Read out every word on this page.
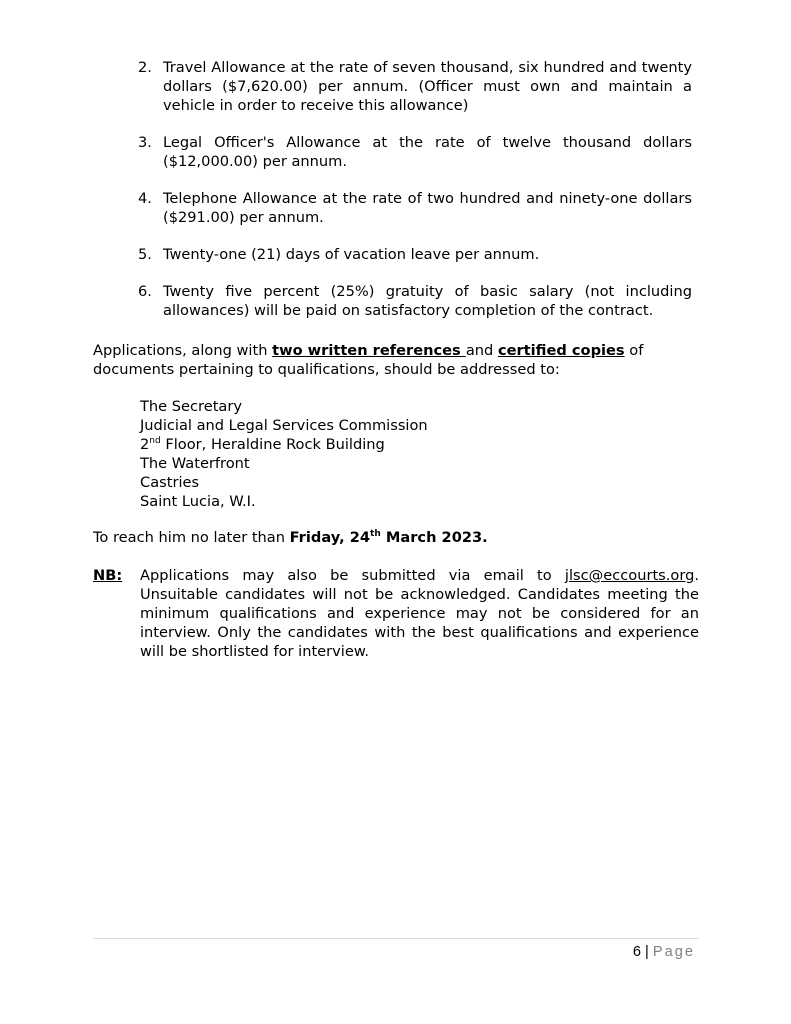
2. Travel Allowance at the rate of seven thousand, six hundred and twenty dollars ($7,620.00) per annum. (Officer must own and maintain a vehicle in order to receive this allowance)
3. Legal Officer's Allowance at the rate of twelve thousand dollars ($12,000.00) per annum.
4. Telephone Allowance at the rate of two hundred and ninety-one dollars ($291.00) per annum.
5. Twenty-one (21) days of vacation leave per annum.
6. Twenty five percent (25%) gratuity of basic salary (not including allowances) will be paid on satisfactory completion of the contract.

Applications, along with two written references and certified copies of documents pertaining to qualifications, should be addressed to:

The Secretary
Judicial and Legal Services Commission
2nd Floor, Heraldine Rock Building
The Waterfront
Castries
Saint Lucia, W.I.
To reach him no later than Friday, 24th March 2023.
NB: Applications may also be submitted via email to jlsc@eccourts.org. Unsuitable candidates will not be acknowledged. Candidates meeting the minimum qualifications and experience may not be considered for an interview. Only the candidates with the best qualifications and experience will be shortlisted for interview.
6 | Page
